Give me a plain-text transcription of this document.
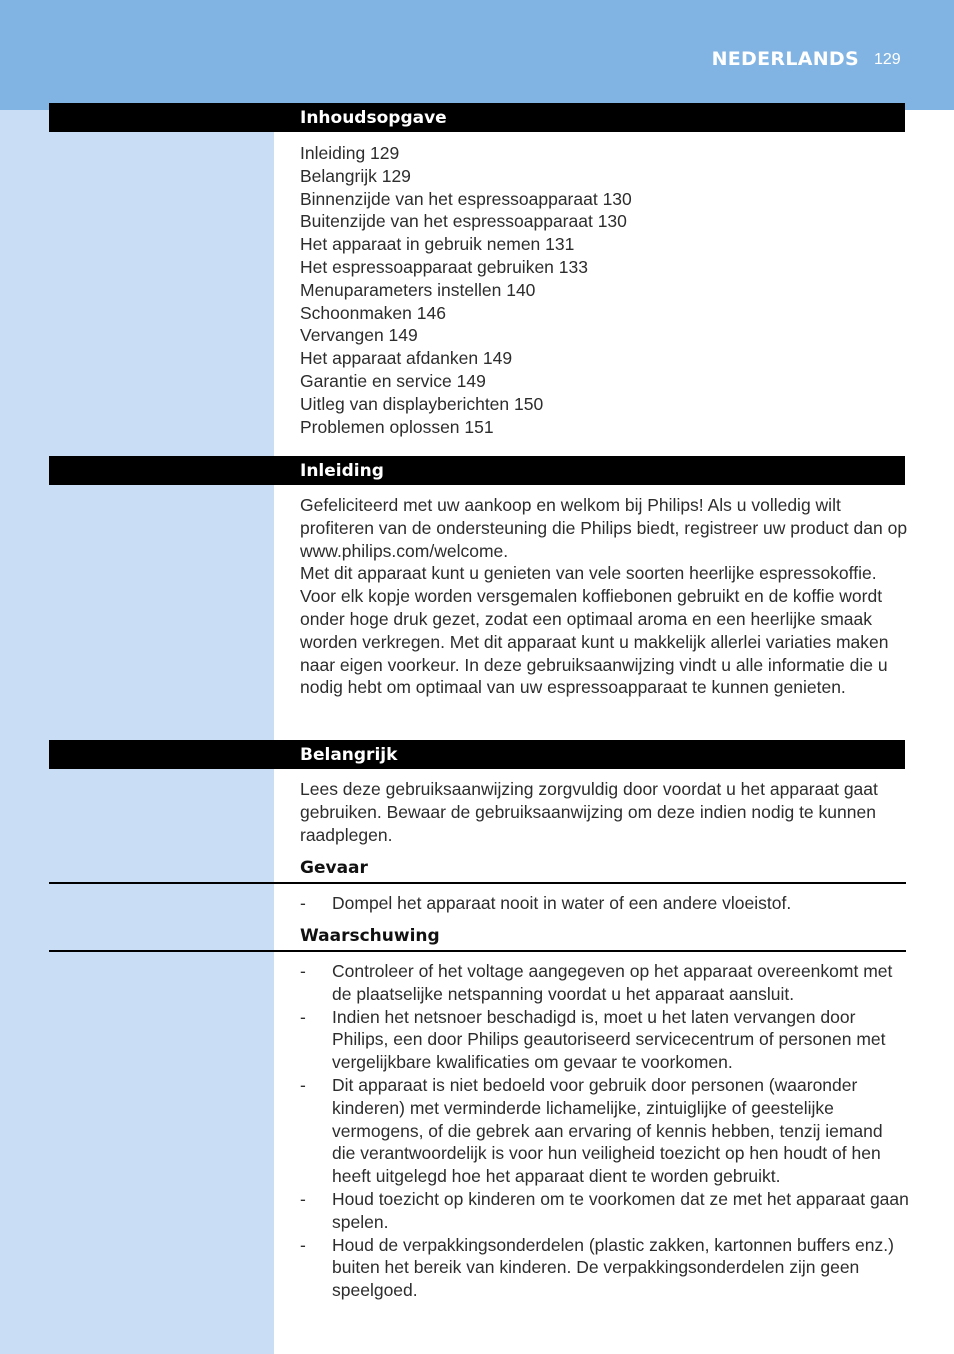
NEDERLANDS 129
Inhoudsopgave
Inleiding 129
Belangrijk 129
Binnenzijde van het espressoapparaat 130
Buitenzijde van het espressoapparaat 130
Het apparaat in gebruik nemen 131
Het espressoapparaat gebruiken 133
Menuparameters instellen 140
Schoonmaken 146
Vervangen 149
Het apparaat afdanken 149
Garantie en service 149
Uitleg van displayberichten 150
Problemen oplossen 151
Inleiding
Gefeliciteerd met uw aankoop en welkom bij Philips! Als u volledig wilt profiteren van de ondersteuning die Philips biedt, registreer uw product dan op www.philips.com/welcome.
Met dit apparaat kunt u genieten van vele soorten heerlijke espressokoffie. Voor elk kopje worden versgemalen koffiebonen gebruikt en de koffie wordt onder hoge druk gezet, zodat een optimaal aroma en een heerlijke smaak worden verkregen. Met dit apparaat kunt u makkelijk allerlei variaties maken naar eigen voorkeur. In deze gebruiksaanwijzing vindt u alle informatie die u nodig hebt om optimaal van uw espressoapparaat te kunnen genieten.
Belangrijk
Lees deze gebruiksaanwijzing zorgvuldig door voordat u het apparaat gaat gebruiken. Bewaar de gebruiksaanwijzing om deze indien nodig te kunnen raadplegen.
Gevaar
- Dompel het apparaat nooit in water of een andere vloeistof.
Waarschuwing
- Controleer of het voltage aangegeven op het apparaat overeenkomt met de plaatselijke netspanning voordat u het apparaat aansluit.
- Indien het netsnoer beschadigd is, moet u het laten vervangen door Philips, een door Philips geautoriseerd servicecentrum of personen met vergelijkbare kwalificaties om gevaar te voorkomen.
- Dit apparaat is niet bedoeld voor gebruik door personen (waaronder kinderen) met verminderde lichamelijke, zintuiglijke of geestelijke vermogens, of die gebrek aan ervaring of kennis hebben, tenzij iemand die verantwoordelijk is voor hun veiligheid toezicht op hen houdt of hen heeft uitgelegd hoe het apparaat dient te worden gebruikt.
- Houd toezicht op kinderen om te voorkomen dat ze met het apparaat gaan spelen.
- Houd de verpakkingsonderdelen (plastic zakken, kartonnen buffers enz.) buiten het bereik van kinderen. De verpakkingsonderdelen zijn geen speelgoed.
